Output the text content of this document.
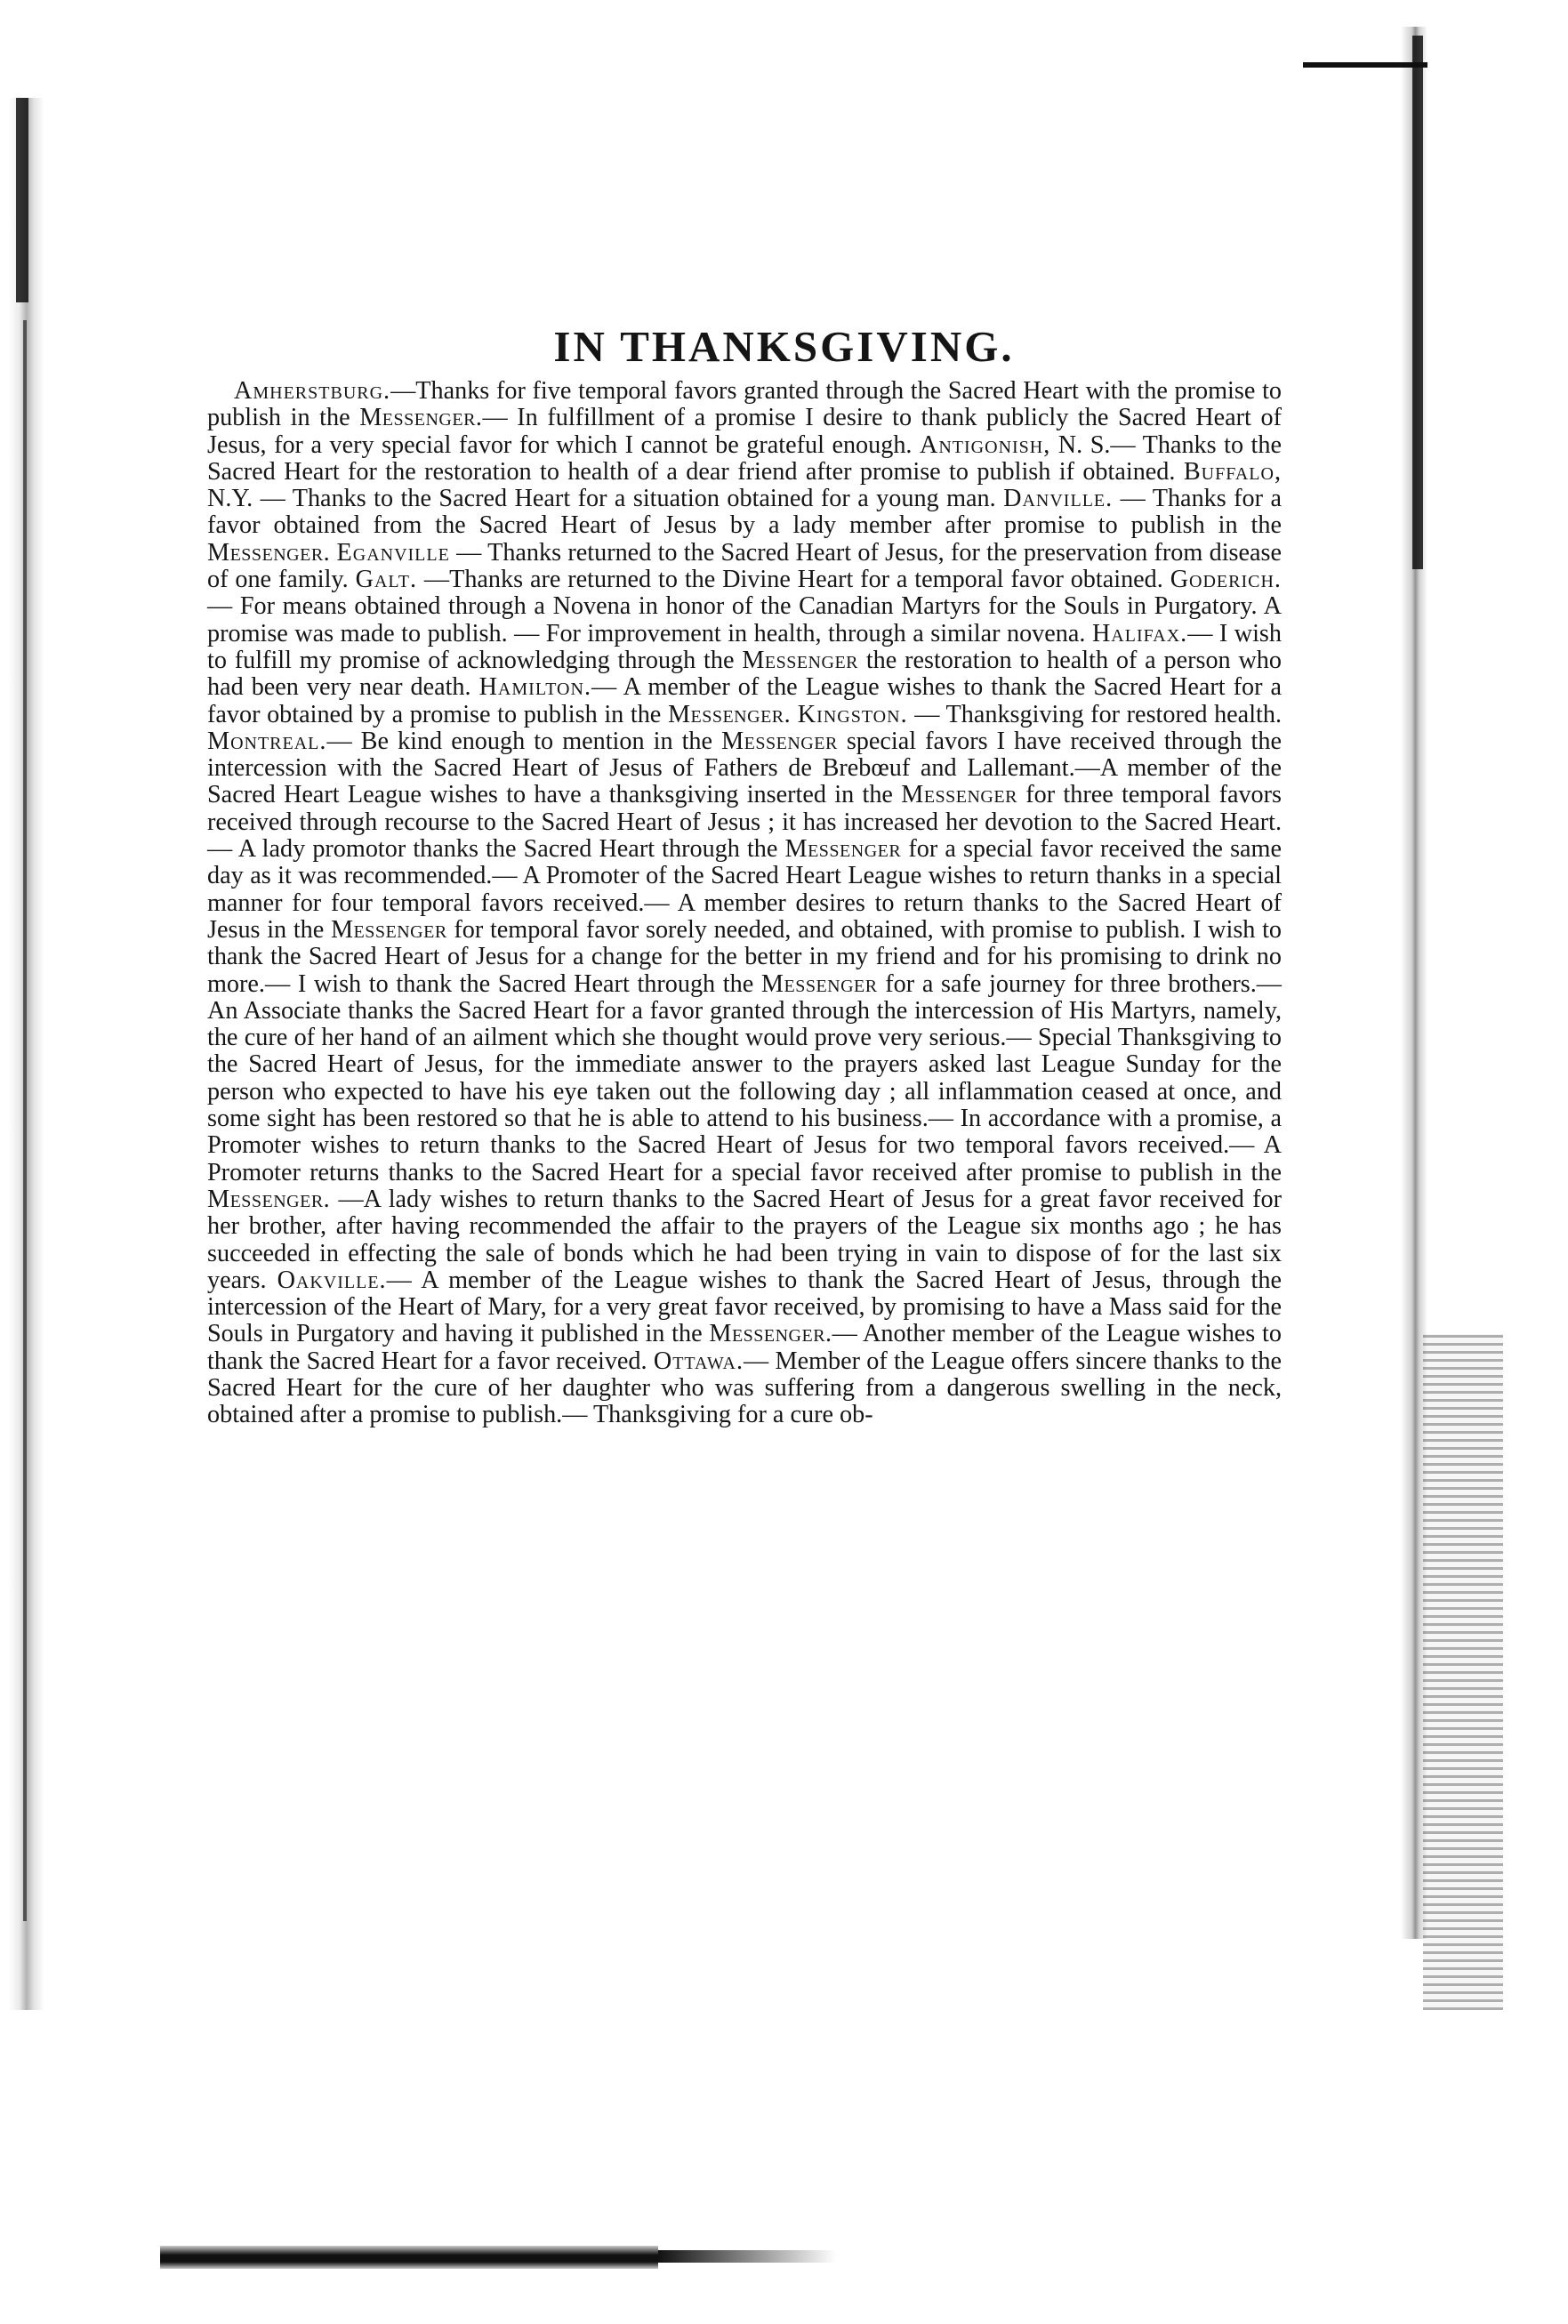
IN THANKSGIVING.

Amherstburg.—Thanks for five temporal favors granted through the Sacred Heart with the promise to publish in the Messenger.— In fulfillment of a promise I desire to thank publicly the Sacred Heart of Jesus, for a very special favor for which I cannot be grateful enough. Antigonish, N. S.— Thanks to the Sacred Heart for the restoration to health of a dear friend after promise to publish if obtained. Buffalo, N.Y. — Thanks to the Sacred Heart for a situation obtained for a young man. Danville. — Thanks for a favor obtained from the Sacred Heart of Jesus by a lady member after promise to publish in the Messenger. Eganville — Thanks returned to the Sacred Heart of Jesus, for the preservation from disease of one family. Galt. —Thanks are returned to the Divine Heart for a temporal favor obtained. Goderich. — For means obtained through a Novena in honor of the Canadian Martyrs for the Souls in Purgatory. A promise was made to publish. — For improvement in health, through a similar novena. Halifax.— I wish to fulfill my promise of acknowledging through the Messenger the restoration to health of a person who had been very near death. Hamilton.— A member of the League wishes to thank the Sacred Heart for a favor obtained by a promise to publish in the Messenger. Kingston. — Thanksgiving for restored health. Montreal.— Be kind enough to mention in the Messenger special favors I have received through the intercession with the Sacred Heart of Jesus of Fathers de Brebœuf and Lallemant.—A member of the Sacred Heart League wishes to have a thanksgiving inserted in the Messenger for three temporal favors received through recourse to the Sacred Heart of Jesus ; it has increased her devotion to the Sacred Heart.— A lady promotor thanks the Sacred Heart through the Messenger for a special favor received the same day as it was recommended.— A Promoter of the Sacred Heart League wishes to return thanks in a special manner for four temporal favors received.— A member desires to return thanks to the Sacred Heart of Jesus in the Messenger for temporal favor sorely needed, and obtained, with promise to publish. I wish to thank the Sacred Heart of Jesus for a change for the better in my friend and for his promising to drink no more.— I wish to thank the Sacred Heart through the Messenger for a safe journey for three brothers.— An Associate thanks the Sacred Heart for a favor granted through the intercession of His Martyrs, namely, the cure of her hand of an ailment which she thought would prove very serious.— Special Thanksgiving to the Sacred Heart of Jesus, for the immediate answer to the prayers asked last League Sunday for the person who expected to have his eye taken out the following day ; all inflammation ceased at once, and some sight has been restored so that he is able to attend to his business.— In accordance with a promise, a Promoter wishes to return thanks to the Sacred Heart of Jesus for two temporal favors received.— A Promoter returns thanks to the Sacred Heart for a special favor received after promise to publish in the Messenger. —A lady wishes to return thanks to the Sacred Heart of Jesus for a great favor received for her brother, after having recommended the affair to the prayers of the League six months ago ; he has succeeded in effecting the sale of bonds which he had been trying in vain to dispose of for the last six years. Oakville.— A member of the League wishes to thank the Sacred Heart of Jesus, through the intercession of the Heart of Mary, for a very great favor received, by promising to have a Mass said for the Souls in Purgatory and having it published in the Messenger.— Another member of the League wishes to thank the Sacred Heart for a favor received. Ottawa.— Member of the League offers sincere thanks to the Sacred Heart for the cure of her daughter who was suffering from a dangerous swelling in the neck, obtained after a promise to publish.— Thanksgiving for a cure ob-
